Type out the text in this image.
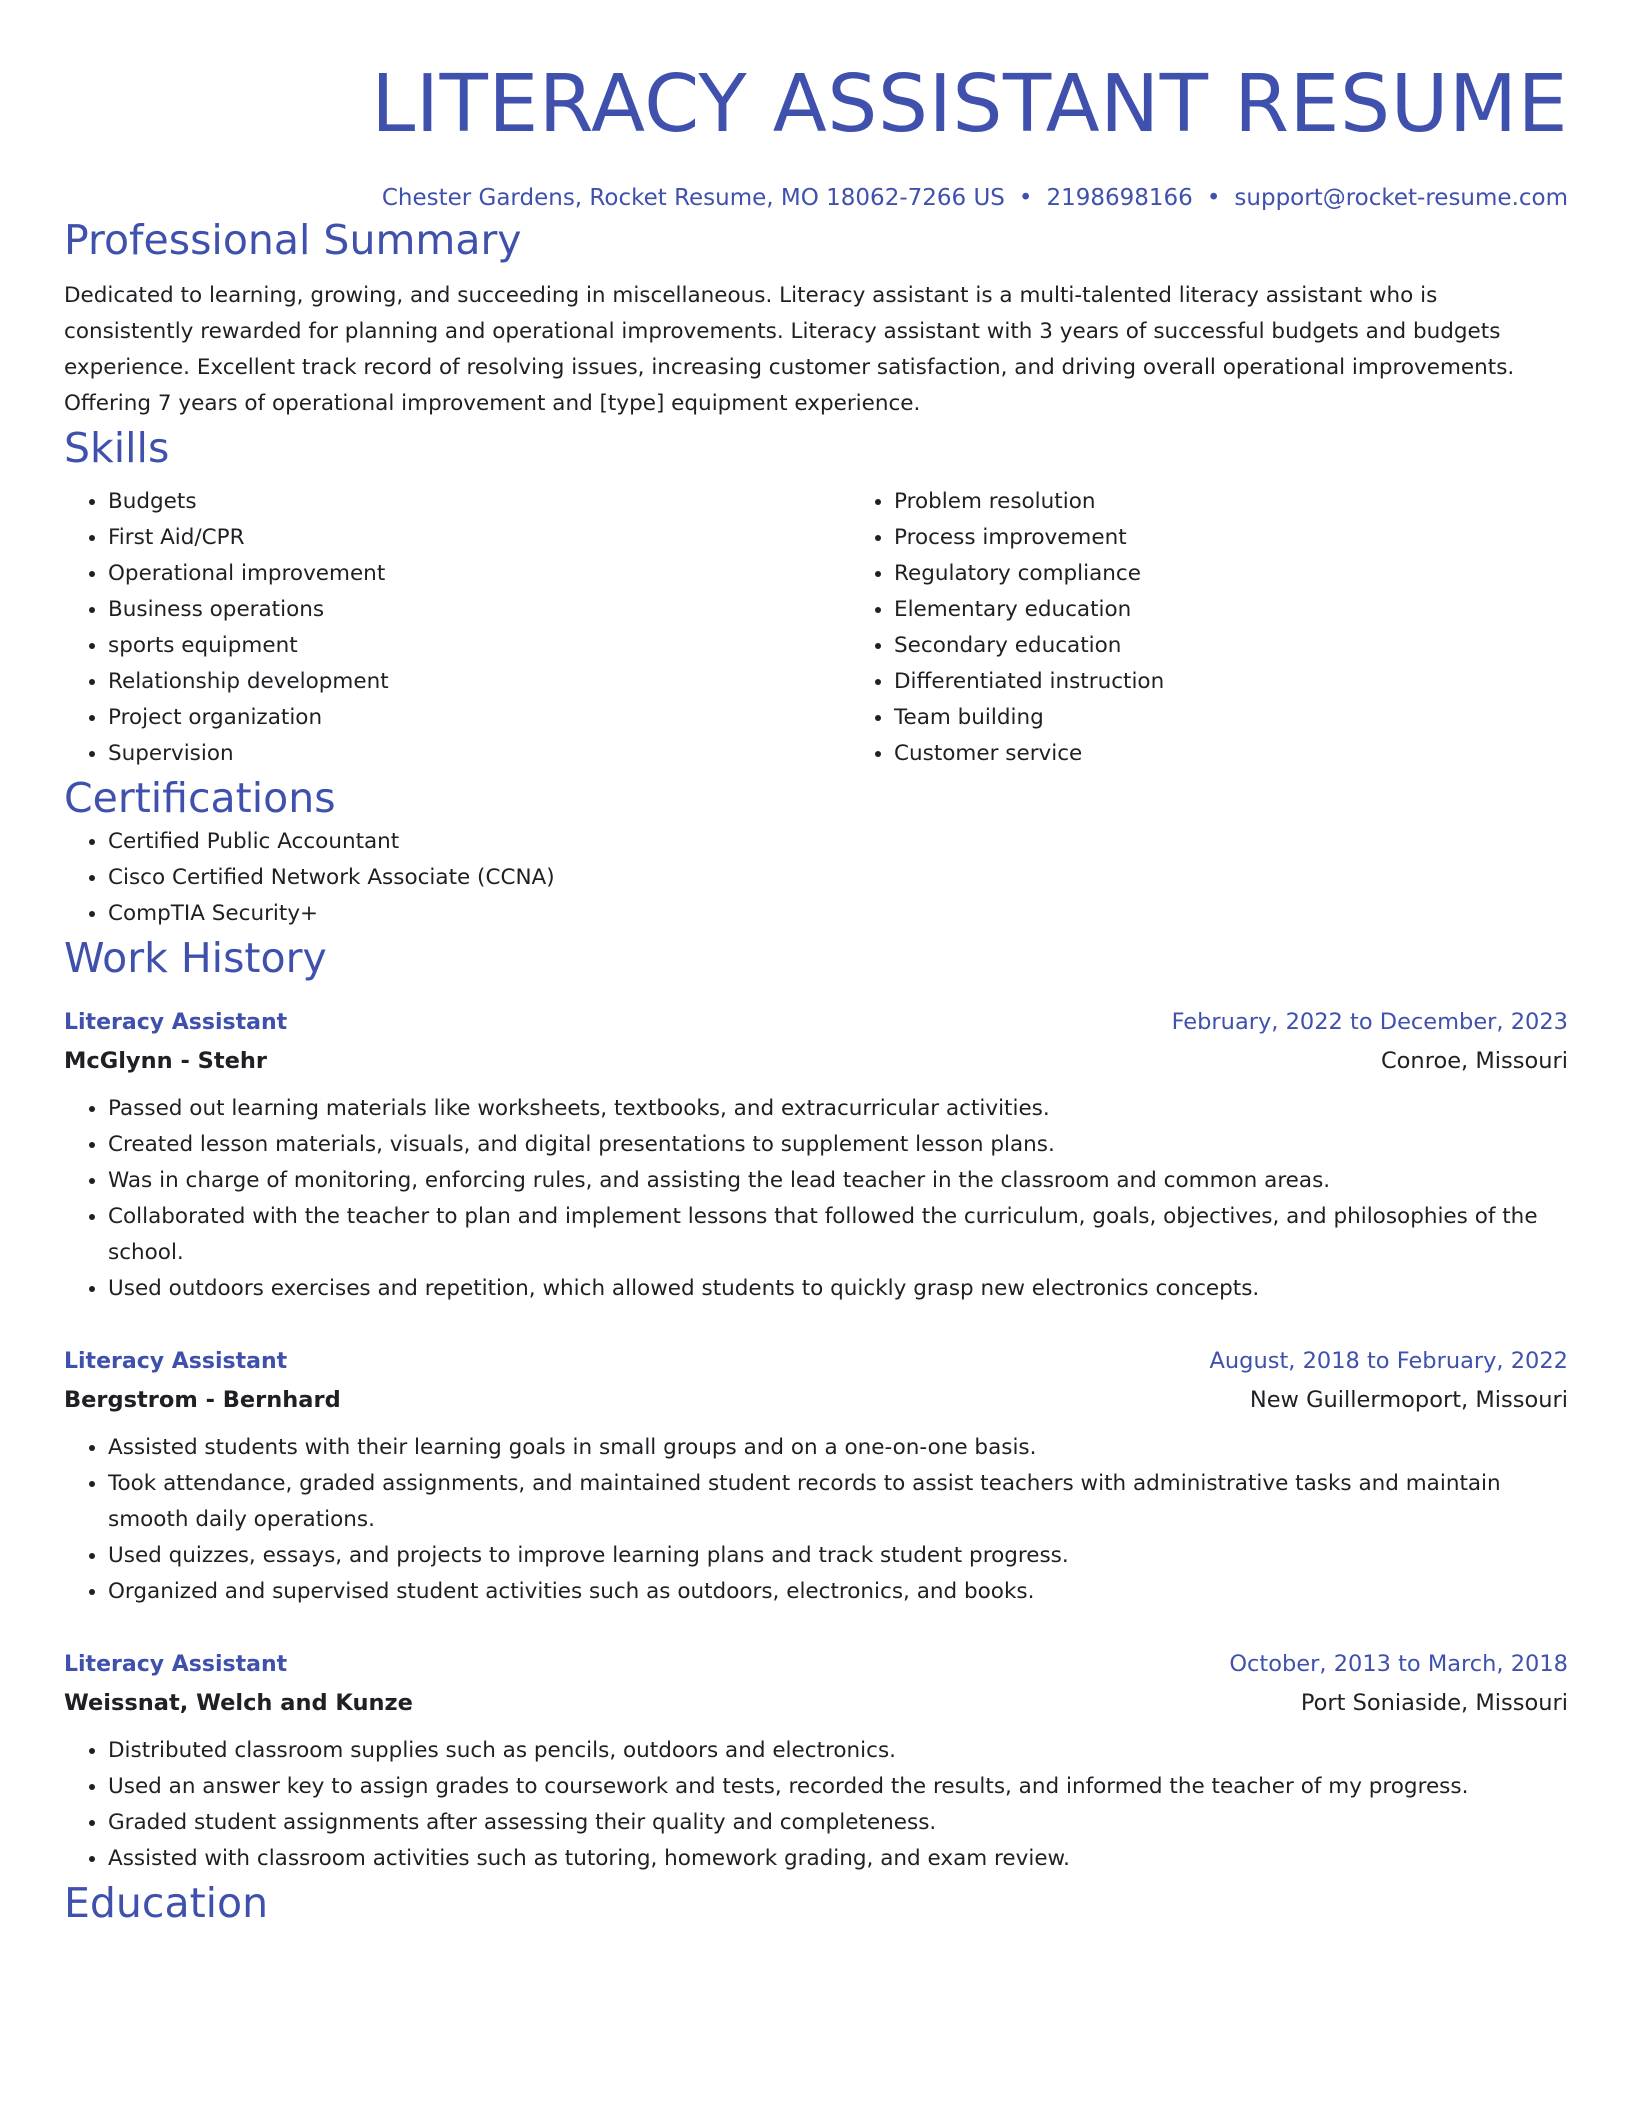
LITERACY ASSISTANT RESUME
Chester Gardens, Rocket Resume, MO 18062-7266 US • 2198698166 • support@rocket-resume.com
Professional Summary

Dedicated to learning, growing, and succeeding in miscellaneous. Literacy assistant is a multi-talented literacy assistant who is consistently rewarded for planning and operational improvements. Literacy assistant with 3 years of successful budgets and budgets experience. Excellent track record of resolving issues, increasing customer satisfaction, and driving overall operational improvements. Offering 7 years of operational improvement and [type] equipment experience.

Skills
• Budgets
• First Aid/CPR
• Operational improvement
• Business operations
• sports equipment
• Relationship development
• Project organization
• Supervision
• Problem resolution
• Process improvement
• Regulatory compliance
• Elementary education
• Secondary education
• Differentiated instruction
• Team building
• Customer service
Certifications
• Certified Public Accountant
• Cisco Certified Network Associate (CCNA)
• CompTIA Security+
Work History
Literacy Assistant	February, 2022 to December, 2023
McGlynn - Stehr	Conroe, Missouri
• Passed out learning materials like worksheets, textbooks, and extracurricular activities.
• Created lesson materials, visuals, and digital presentations to supplement lesson plans.
• Was in charge of monitoring, enforcing rules, and assisting the lead teacher in the classroom and common areas.
• Collaborated with the teacher to plan and implement lessons that followed the curriculum, goals, objectives, and philosophies of the school.
• Used outdoors exercises and repetition, which allowed students to quickly grasp new electronics concepts.
Literacy Assistant	August, 2018 to February, 2022
Bergstrom - Bernhard	New Guillermoport, Missouri
• Assisted students with their learning goals in small groups and on a one-on-one basis.
• Took attendance, graded assignments, and maintained student records to assist teachers with administrative tasks and maintain smooth daily operations.
• Used quizzes, essays, and projects to improve learning plans and track student progress.
• Organized and supervised student activities such as outdoors, electronics, and books.
Literacy Assistant	October, 2013 to March, 2018
Weissnat, Welch and Kunze	Port Soniaside, Missouri
• Distributed classroom supplies such as pencils, outdoors and electronics.
• Used an answer key to assign grades to coursework and tests, recorded the results, and informed the teacher of my progress.
• Graded student assignments after assessing their quality and completeness.
• Assisted with classroom activities such as tutoring, homework grading, and exam review.
Education
